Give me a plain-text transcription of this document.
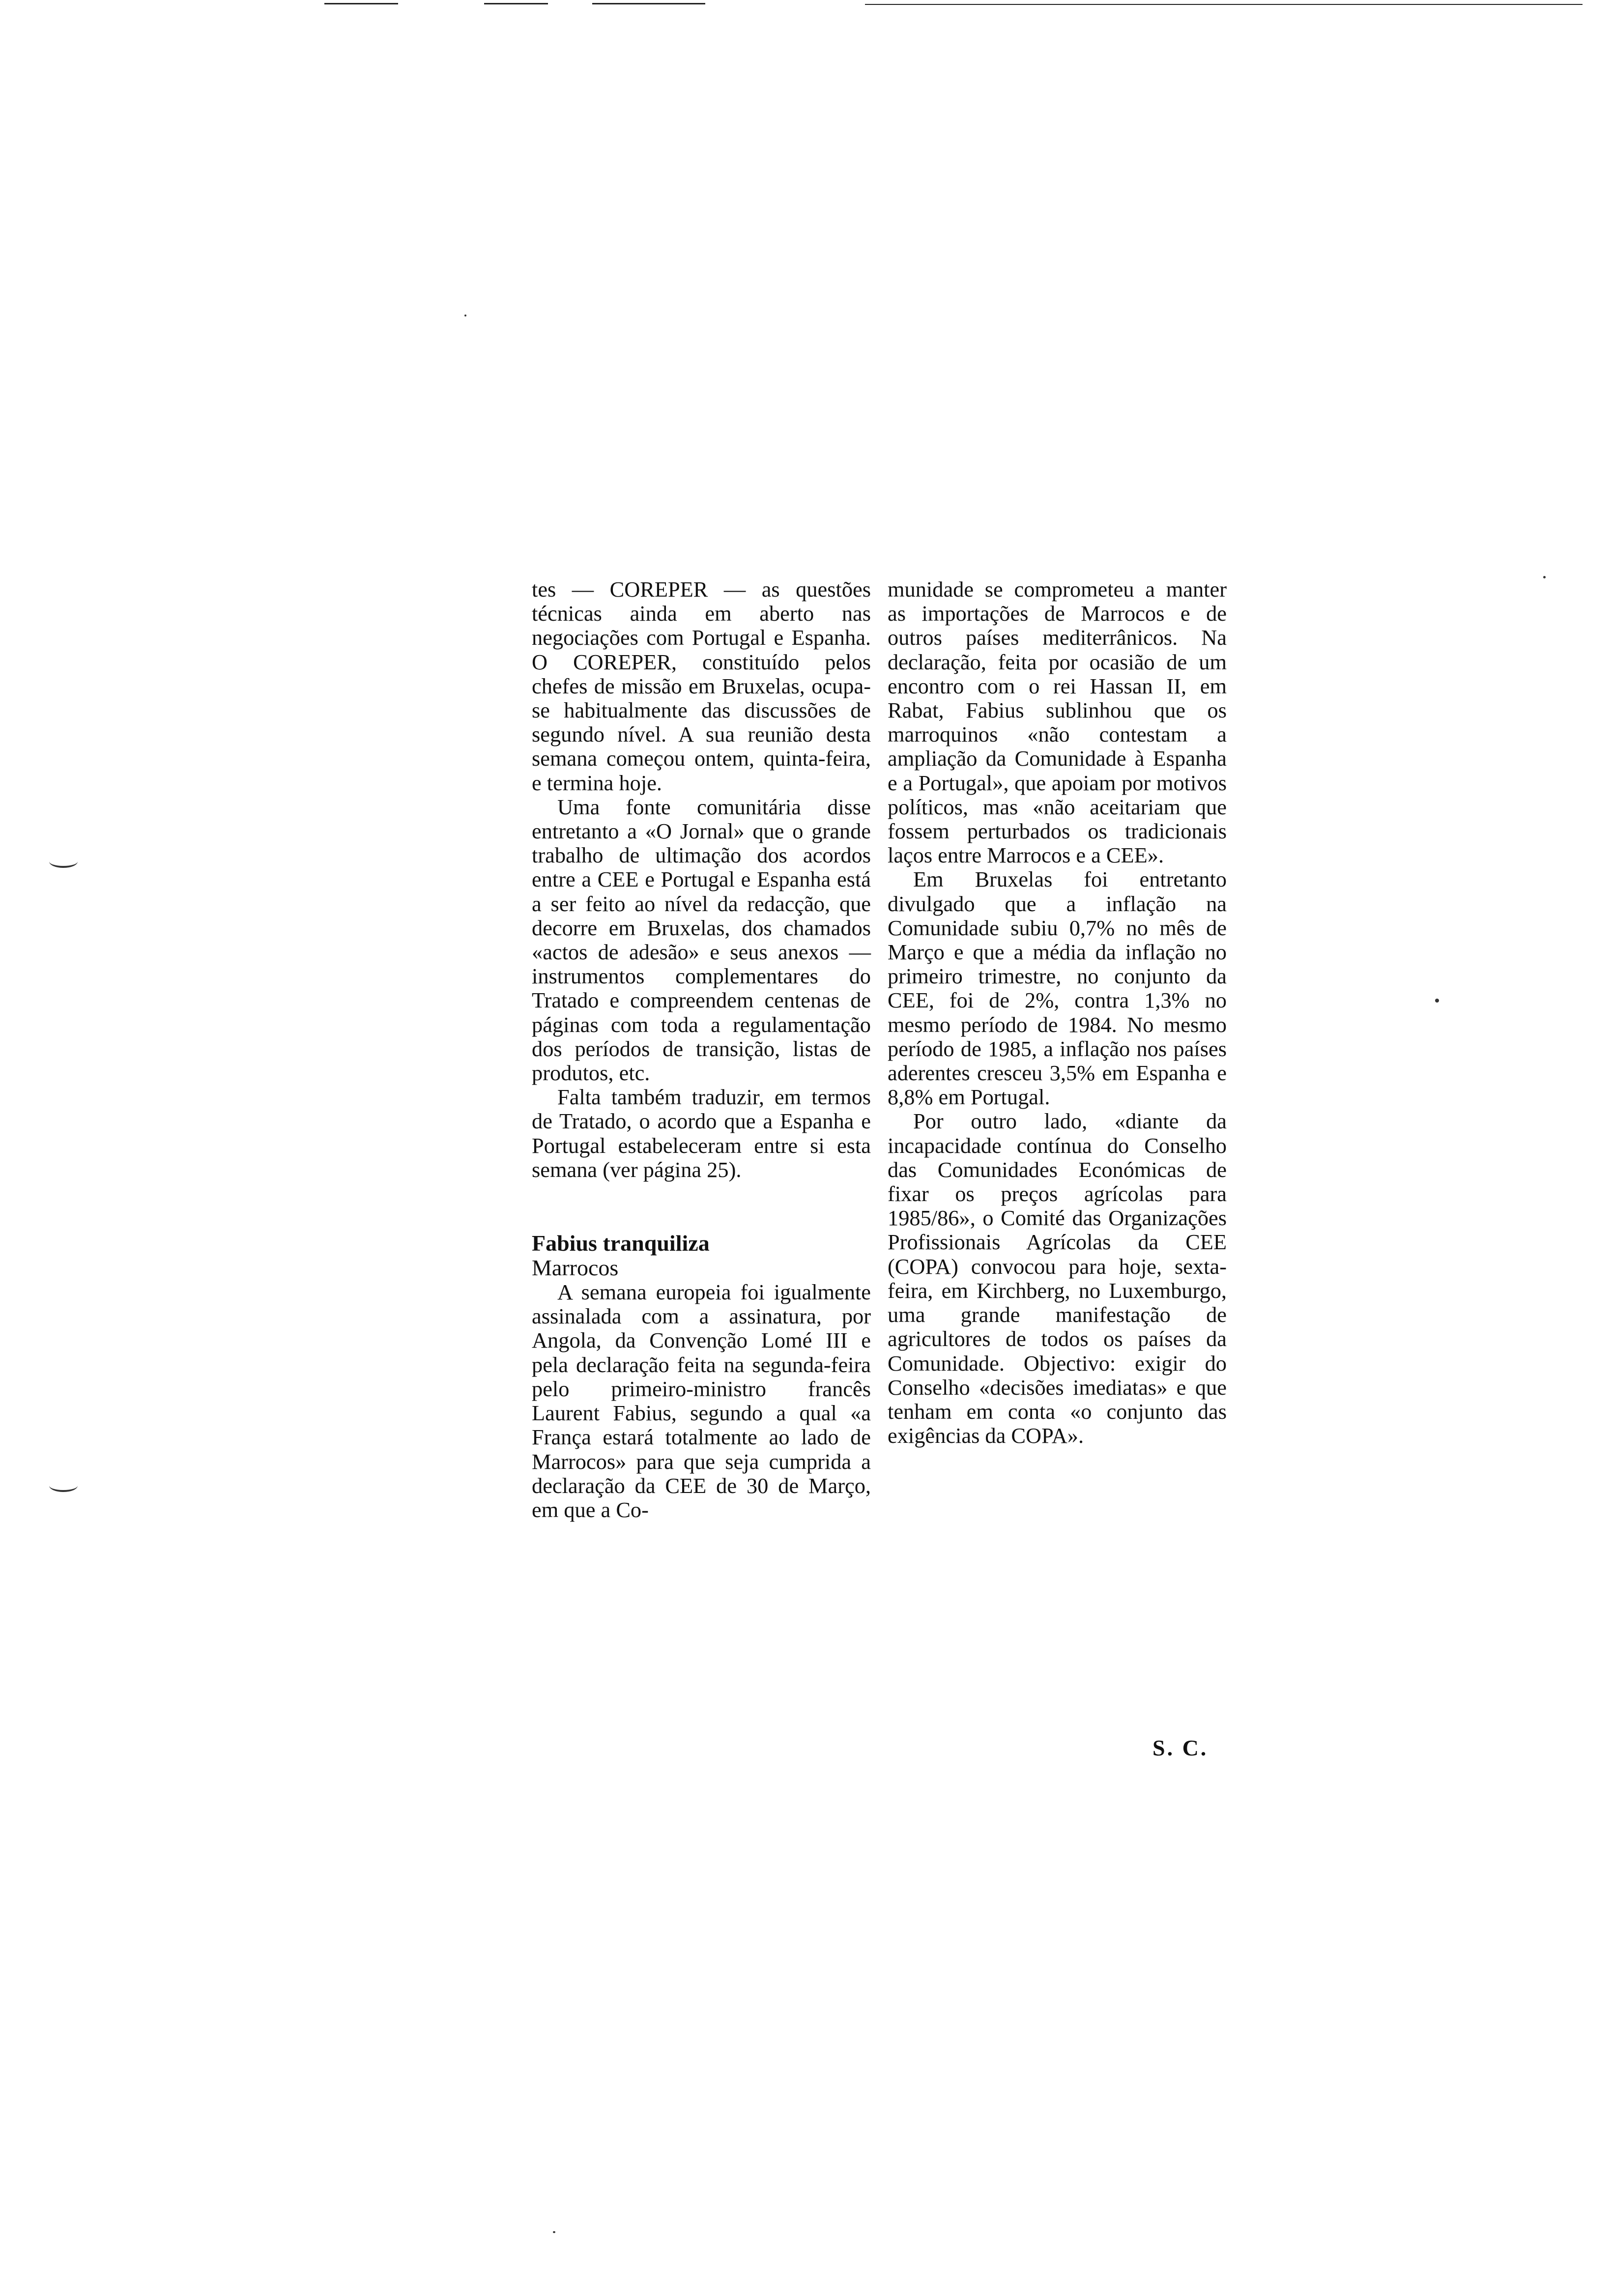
tes — COREPER — as questões técnicas ainda em aberto nas negociações com Portugal e Espanha. O COREPER, constituído pelos chefes de missão em Bruxelas, ocupa-se habitualmente das discussões de segundo nível. A sua reunião desta semana começou ontem, quinta-feira, e termina hoje.

Uma fonte comunitária disse entretanto a «O Jornal» que o grande trabalho de ultimação dos acordos entre a CEE e Portugal e Espanha está a ser feito ao nível da redacção, que decorre em Bruxelas, dos chamados «actos de adesão» e seus anexos — instrumentos complementares do Tratado e compreendem centenas de páginas com toda a regulamentação dos períodos de transição, listas de produtos, etc.

Falta também traduzir, em termos de Tratado, o acordo que a Espanha e Portugal estabeleceram entre si esta semana (ver página 25).

Fabius tranquiliza

Marrocos

A semana europeia foi igualmente assinalada com a assinatura, por Angola, da Convenção Lomé III e pela declaração feita na segunda-feira pelo primeiro-ministro francês Laurent Fabius, segundo a qual «a França estará totalmente ao lado de Marrocos» para que seja cumprida a declaração da CEE de 30 de Março, em que a Co-

munidade se comprometeu a manter as importações de Marrocos e de outros países mediterrânicos. Na declaração, feita por ocasião de um encontro com o rei Hassan II, em Rabat, Fabius sublinhou que os marroquinos «não contestam a ampliação da Comunidade à Espanha e a Portugal», que apoiam por motivos políticos, mas «não aceitariam que fossem perturbados os tradicionais laços entre Marrocos e a CEE».

Em Bruxelas foi entretanto divulgado que a inflação na Comunidade subiu 0,7% no mês de Março e que a média da inflação no primeiro trimestre, no conjunto da CEE, foi de 2%, contra 1,3% no mesmo período de 1984. No mesmo período de 1985, a inflação nos países aderentes cresceu 3,5% em Espanha e 8,8% em Portugal.

Por outro lado, «diante da incapacidade contínua do Conselho das Comunidades Económicas de fixar os preços agrícolas para 1985/86», o Comité das Organizações Profissionais Agrícolas da CEE (COPA) convocou para hoje, sexta-feira, em Kirchberg, no Luxemburgo, uma grande manifestação de agricultores de todos os países da Comunidade. Objectivo: exigir do Conselho «decisões imediatas» e que tenham em conta «o conjunto das exigências da COPA».

S. C.
